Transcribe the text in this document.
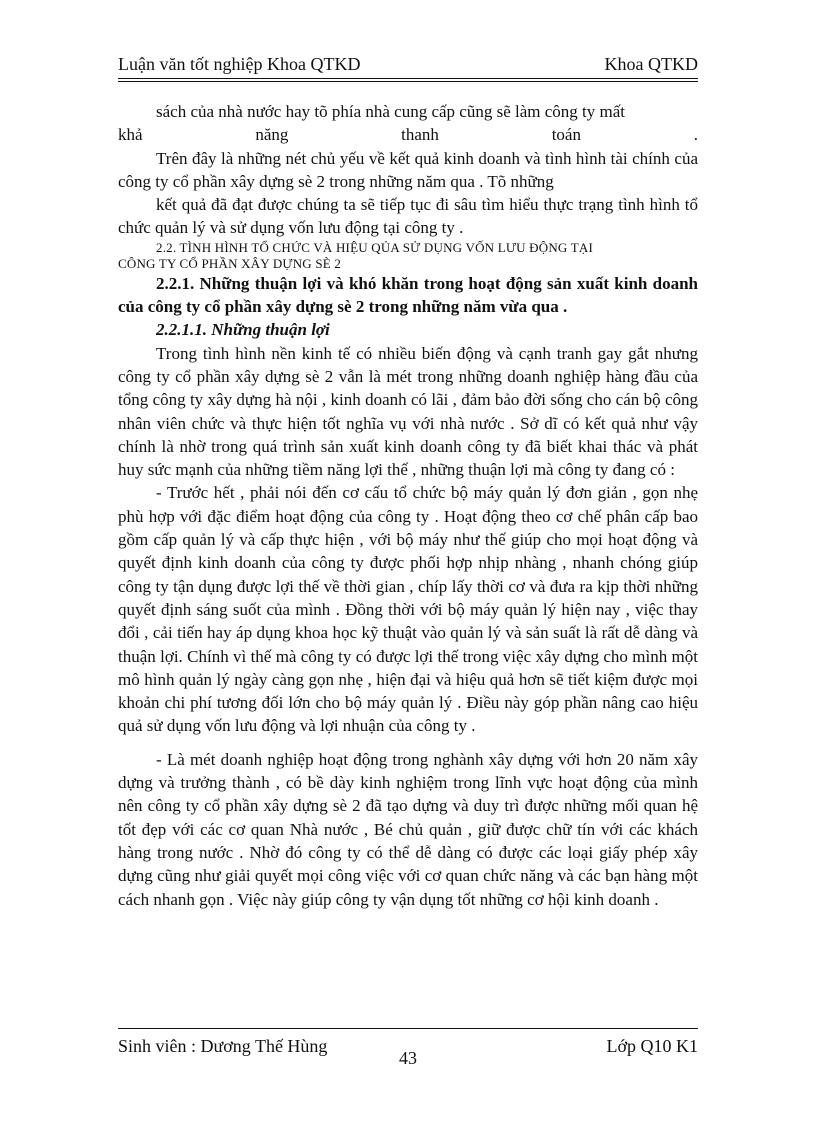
Luận văn tốt nghiệp Khoa QTKD	Khoa QTKD

sách của nhà nước hay tõ phía nhà cung cấp cũng sẽ làm công ty mất

khả năng thanh toán .

Trên đây là những nét chủ yếu về kết quả kinh doanh và tình hình tài chính của công ty cổ phần xây dựng sè 2 trong những năm qua . Tõ những

kết quả đã đạt được chúng ta sẽ tiếp tục đi sâu tìm hiểu thực trạng tình hình tổ chức quản lý và sử dụng vốn lưu động tại công ty .

2.2. TÌNH HÌNH TỔ CHỨC VÀ HIỆU QỦA SỬ DỤNG VỐN LƯU ĐỘNG TẠI

CÔNG TY CỔ PHẦN XÂY DỰNG SÈ 2

2.2.1. Những thuận lợi và khó khăn trong hoạt động sản xuất kinh doanh của công ty cổ phần xây dựng sè 2 trong những năm vừa qua .

2.2.1.1. Những thuận lợi

Trong tình hình nền kinh tế có nhiều biến động và cạnh tranh gay gắt nhưng công ty cổ phần xây dựng sè 2 vẫn là mét trong những doanh nghiệp hàng đầu của tổng công ty xây dựng hà nội , kinh doanh có lãi , đảm bảo đời sống cho cán bộ công nhân viên chức và thực hiện tốt nghĩa vụ với nhà nước . Sở dĩ có kết quả như vậy chính là nhờ trong quá trình sản xuất kinh doanh công ty đã biết khai thác và phát huy sức mạnh của những tiềm năng lợi thế , những thuận lợi mà công ty đang có :

- Trước hết , phải nói đến cơ cấu tổ chức bộ máy quản lý đơn giản , gọn nhẹ phù hợp với đặc điểm hoạt động của công ty . Hoạt động theo cơ chế phân cấp bao gồm cấp quản lý và cấp thực hiện , với bộ máy như thế giúp cho mọi hoạt động và quyết định kinh doanh của công ty được phối hợp nhịp nhàng , nhanh chóng giúp công ty tận dụng được lợi thế về thời gian , chíp lấy thời cơ và đưa ra kịp thời những quyết định sáng suốt của mình . Đồng thời với bộ máy quản lý hiện nay , việc thay đổi , cải tiến hay áp dụng khoa học kỹ thuật vào quản lý và sản suất là rất dễ dàng và thuận lợi. Chính vì thế mà công ty có được lợi thế trong việc xây dựng cho mình một mô hình quản lý ngày càng gọn nhẹ , hiện đại và hiệu quả hơn sẽ tiết kiệm được mọi khoản chi phí tương đối lớn cho bộ máy quản lý . Điều này góp phần nâng cao hiệu quả sử dụng vốn lưu động và lợi nhuận của công ty .

- Là mét doanh nghiệp hoạt động trong nghành xây dựng với hơn 20 năm xây dựng và trưởng thành , có bề dày kinh nghiệm trong lĩnh vực hoạt động của mình nên công ty cổ phần xây dựng sè 2 đã tạo dựng và duy trì được những mối quan hệ tốt đẹp với các cơ quan Nhà nước , Bé chủ quản , giữ được chữ tín với các khách hàng trong nước . Nhờ đó công ty có thể dễ dàng có được các loại giấy phép xây dựng cũng như giải quyết mọi công việc với cơ quan chức năng và các bạn hàng một cách nhanh gọn . Việc này giúp công ty vận dụng tốt những cơ hội kinh doanh .

Sinh viên : Dương Thế Hùng	Lớp Q10 K1
43
